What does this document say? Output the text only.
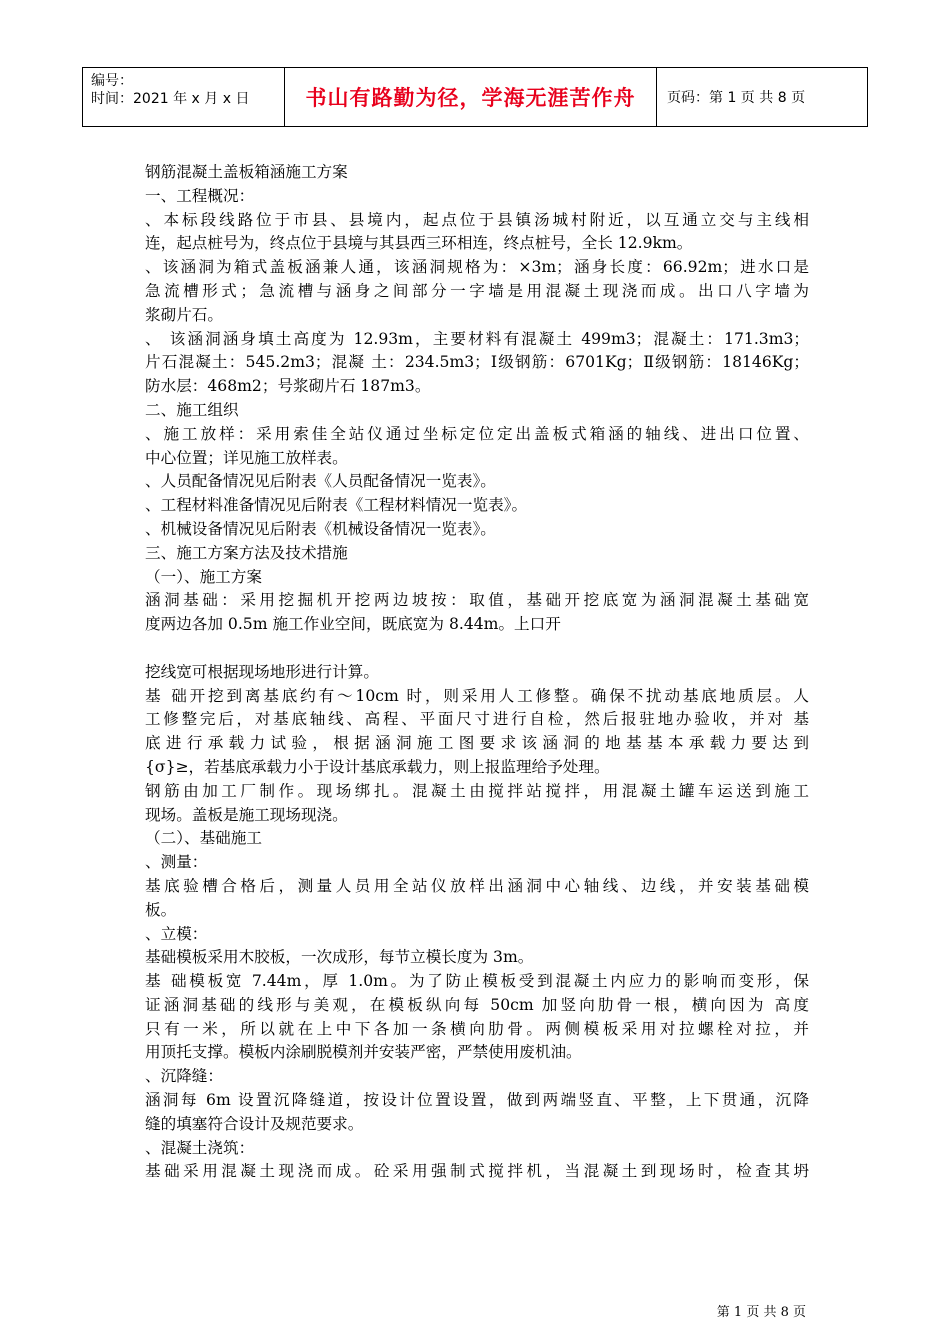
编号：
时间：2021 年 x 月 x 日	书山有路勤为径，学海无涯苦作舟	页码：第 1 页 共 8 页
钢筋混凝土盖板箱涵施工方案
一、工程概况：
、本标段线路位于市县、县境内，起点位于县镇汤城村附近，以互通立交与主线相
连，起点桩号为，终点位于县境与其县西三环相连，终点桩号，全长 12.9km。
、该涵洞为箱式盖板涵兼人通，该涵洞规格为：×3m；涵身长度：66.92m；进水口是
急流槽形式；急流槽与涵身之间部分一字墙是用混凝土现浇而成。出口八字墙为
浆砌片石。
、 该涵洞涵身填土高度为 12.93m，主要材料有混凝土 499m3；混凝土：171.3m3；
片石混凝土：545.2m3；混凝 土：234.5m3；Ⅰ级钢筋：6701Kg；Ⅱ级钢筋：18146Kg；
防水层：468m2；号浆砌片石 187m3。
二、施工组织
、施工放样：采用索佳全站仪通过坐标定位定出盖板式箱涵的轴线、进出口位置、
中心位置；详见施工放样表。
、人员配备情况见后附表《人员配备情况一览表》。
、工程材料准备情况见后附表《工程材料情况一览表》。
、机械设备情况见后附表《机械设备情况一览表》。
三、施工方案方法及技术措施
（一）、施工方案
涵洞基础：采用挖掘机开挖两边坡按：取值，基础开挖底宽为涵洞混凝土基础宽
度两边各加 0.5m 施工作业空间，既底宽为 8.44m。上口开
挖线宽可根据现场地形进行计算。
基 础开挖到离基底约有～10cm 时，则采用人工修整。确保不扰动基底地质层。人
工修整完后，对基底轴线、高程、平面尺寸进行自检，然后报驻地办验收，并对 基
底进行承载力试验，根据涵洞施工图要求该涵洞的地基基本承载力要达到
{σ}≥，若基底承载力小于设计基底承载力，则上报监理给予处理。
钢筋由加工厂制作。现场绑扎。混凝土由搅拌站搅拌，用混凝土罐车运送到施工
现场。盖板是施工现场现浇。
（二）、基础施工
、测量：
基底验槽合格后，测量人员用全站仪放样出涵洞中心轴线、边线，并安装基础模
板。
、立模：
基础模板采用木胶板，一次成形，每节立模长度为 3m。
基 础模板宽 7.44m，厚 1.0m。为了防止模板受到混凝土内应力的影响而变形，保
证涵洞基础的线形与美观，在模板纵向每 50cm 加竖向肋骨一根，横向因为 高度
只有一米，所以就在上中下各加一条横向肋骨。两侧模板采用对拉螺栓对拉，并
用顶托支撑。模板内涂刷脱模剂并安装严密，严禁使用废机油。
、沉降缝：
涵洞每 6m 设置沉降缝道，按设计位置设置，做到两端竖直、平整，上下贯通，沉降
缝的填塞符合设计及规范要求。
、混凝土浇筑：
基础采用混凝土现浇而成。砼采用强制式搅拌机，当混凝土到现场时，检查其坍
第 1 页 共 8 页
